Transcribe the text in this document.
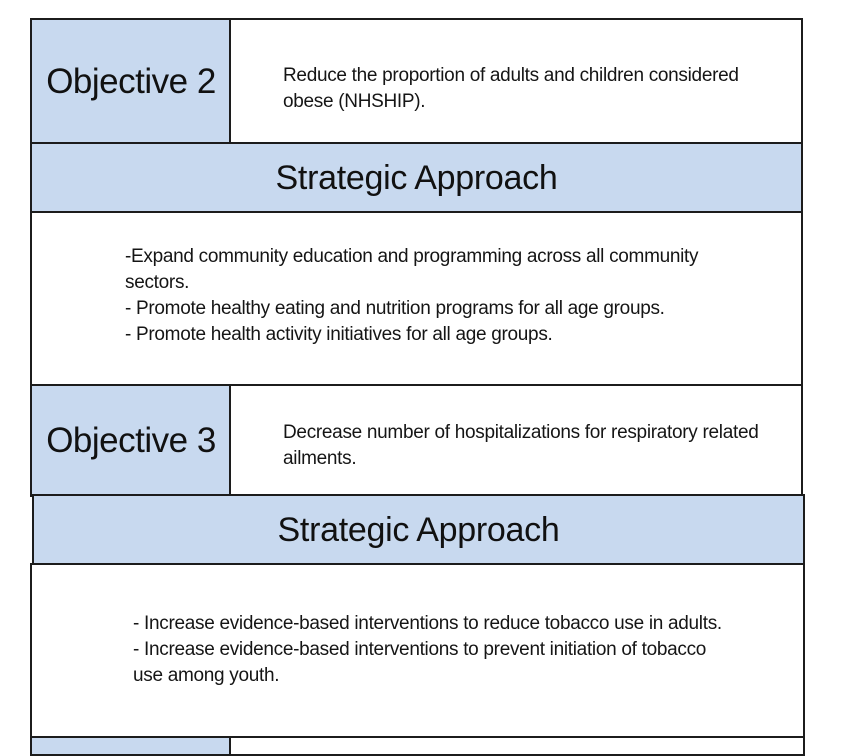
Objective 2	Reduce the proportion of adults and children considered obese (NHSHIP).
Strategic Approach
-Expand community education and programming across all community
sectors.
- Promote healthy eating and nutrition programs for all age groups.
- Promote health activity initiatives for all age groups.
Objective 3	Decrease number of hospitalizations for respiratory related ailments.
Strategic Approach
- Increase evidence-based interventions to reduce tobacco use in adults.
- Increase evidence-based interventions to prevent initiation of tobacco
use among youth.
